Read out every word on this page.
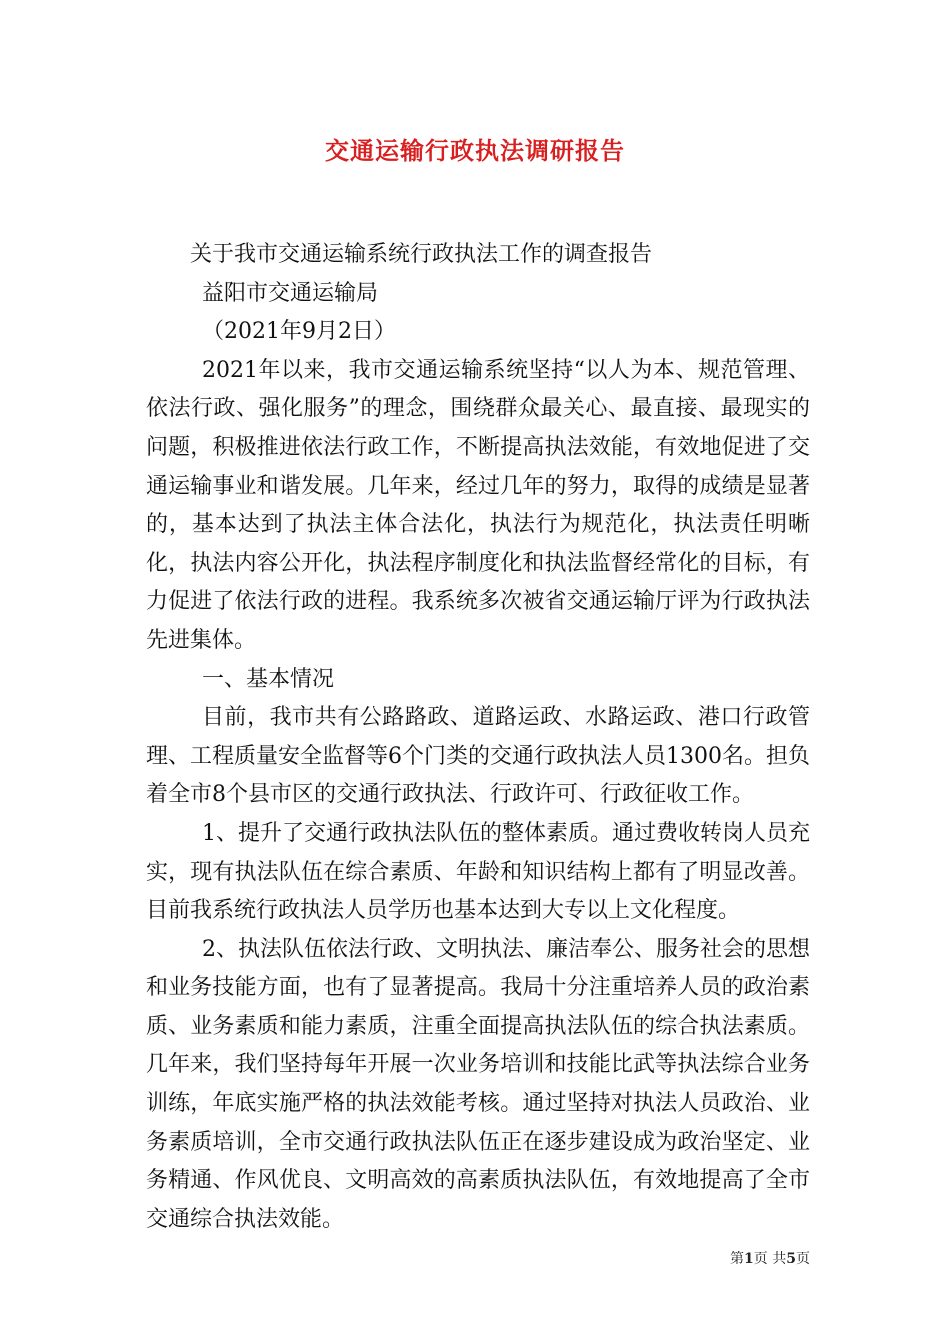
交通运输行政执法调研报告

关于我市交通运输系统行政执法工作的调查报告

益阳市交通运输局

（2021年9月2日）

2021年以来，我市交通运输系统坚持“以人为本、规范管理、依法行政、强化服务”的理念，围绕群众最关心、最直接、最现实的问题，积极推进依法行政工作，不断提高执法效能，有效地促进了交通运输事业和谐发展。几年来，经过几年的努力，取得的成绩是显著的，基本达到了执法主体合法化，执法行为规范化，执法责任明晰化，执法内容公开化，执法程序制度化和执法监督经常化的目标，有力促进了依法行政的进程。我系统多次被省交通运输厅评为行政执法先进集体。

一、基本情况

目前，我市共有公路路政、道路运政、水路运政、港口行政管理、工程质量安全监督等6个门类的交通行政执法人员1300名。担负着全市8个县市区的交通行政执法、行政许可、行政征收工作。

1、提升了交通行政执法队伍的整体素质。通过费收转岗人员充实，现有执法队伍在综合素质、年龄和知识结构上都有了明显改善。目前我系统行政执法人员学历也基本达到大专以上文化程度。

2、执法队伍依法行政、文明执法、廉洁奉公、服务社会的思想和业务技能方面，也有了显著提高。我局十分注重培养人员的政治素质、业务素质和能力素质，注重全面提高执法队伍的综合执法素质。几年来，我们坚持每年开展一次业务培训和技能比武等执法综合业务训练，年底实施严格的执法效能考核。通过坚持对执法人员政治、业务素质培训，全市交通行政执法队伍正在逐步建设成为政治坚定、业务精通、作风优良、文明高效的高素质执法队伍，有效地提高了全市交通综合执法效能。

第1页 共5页
